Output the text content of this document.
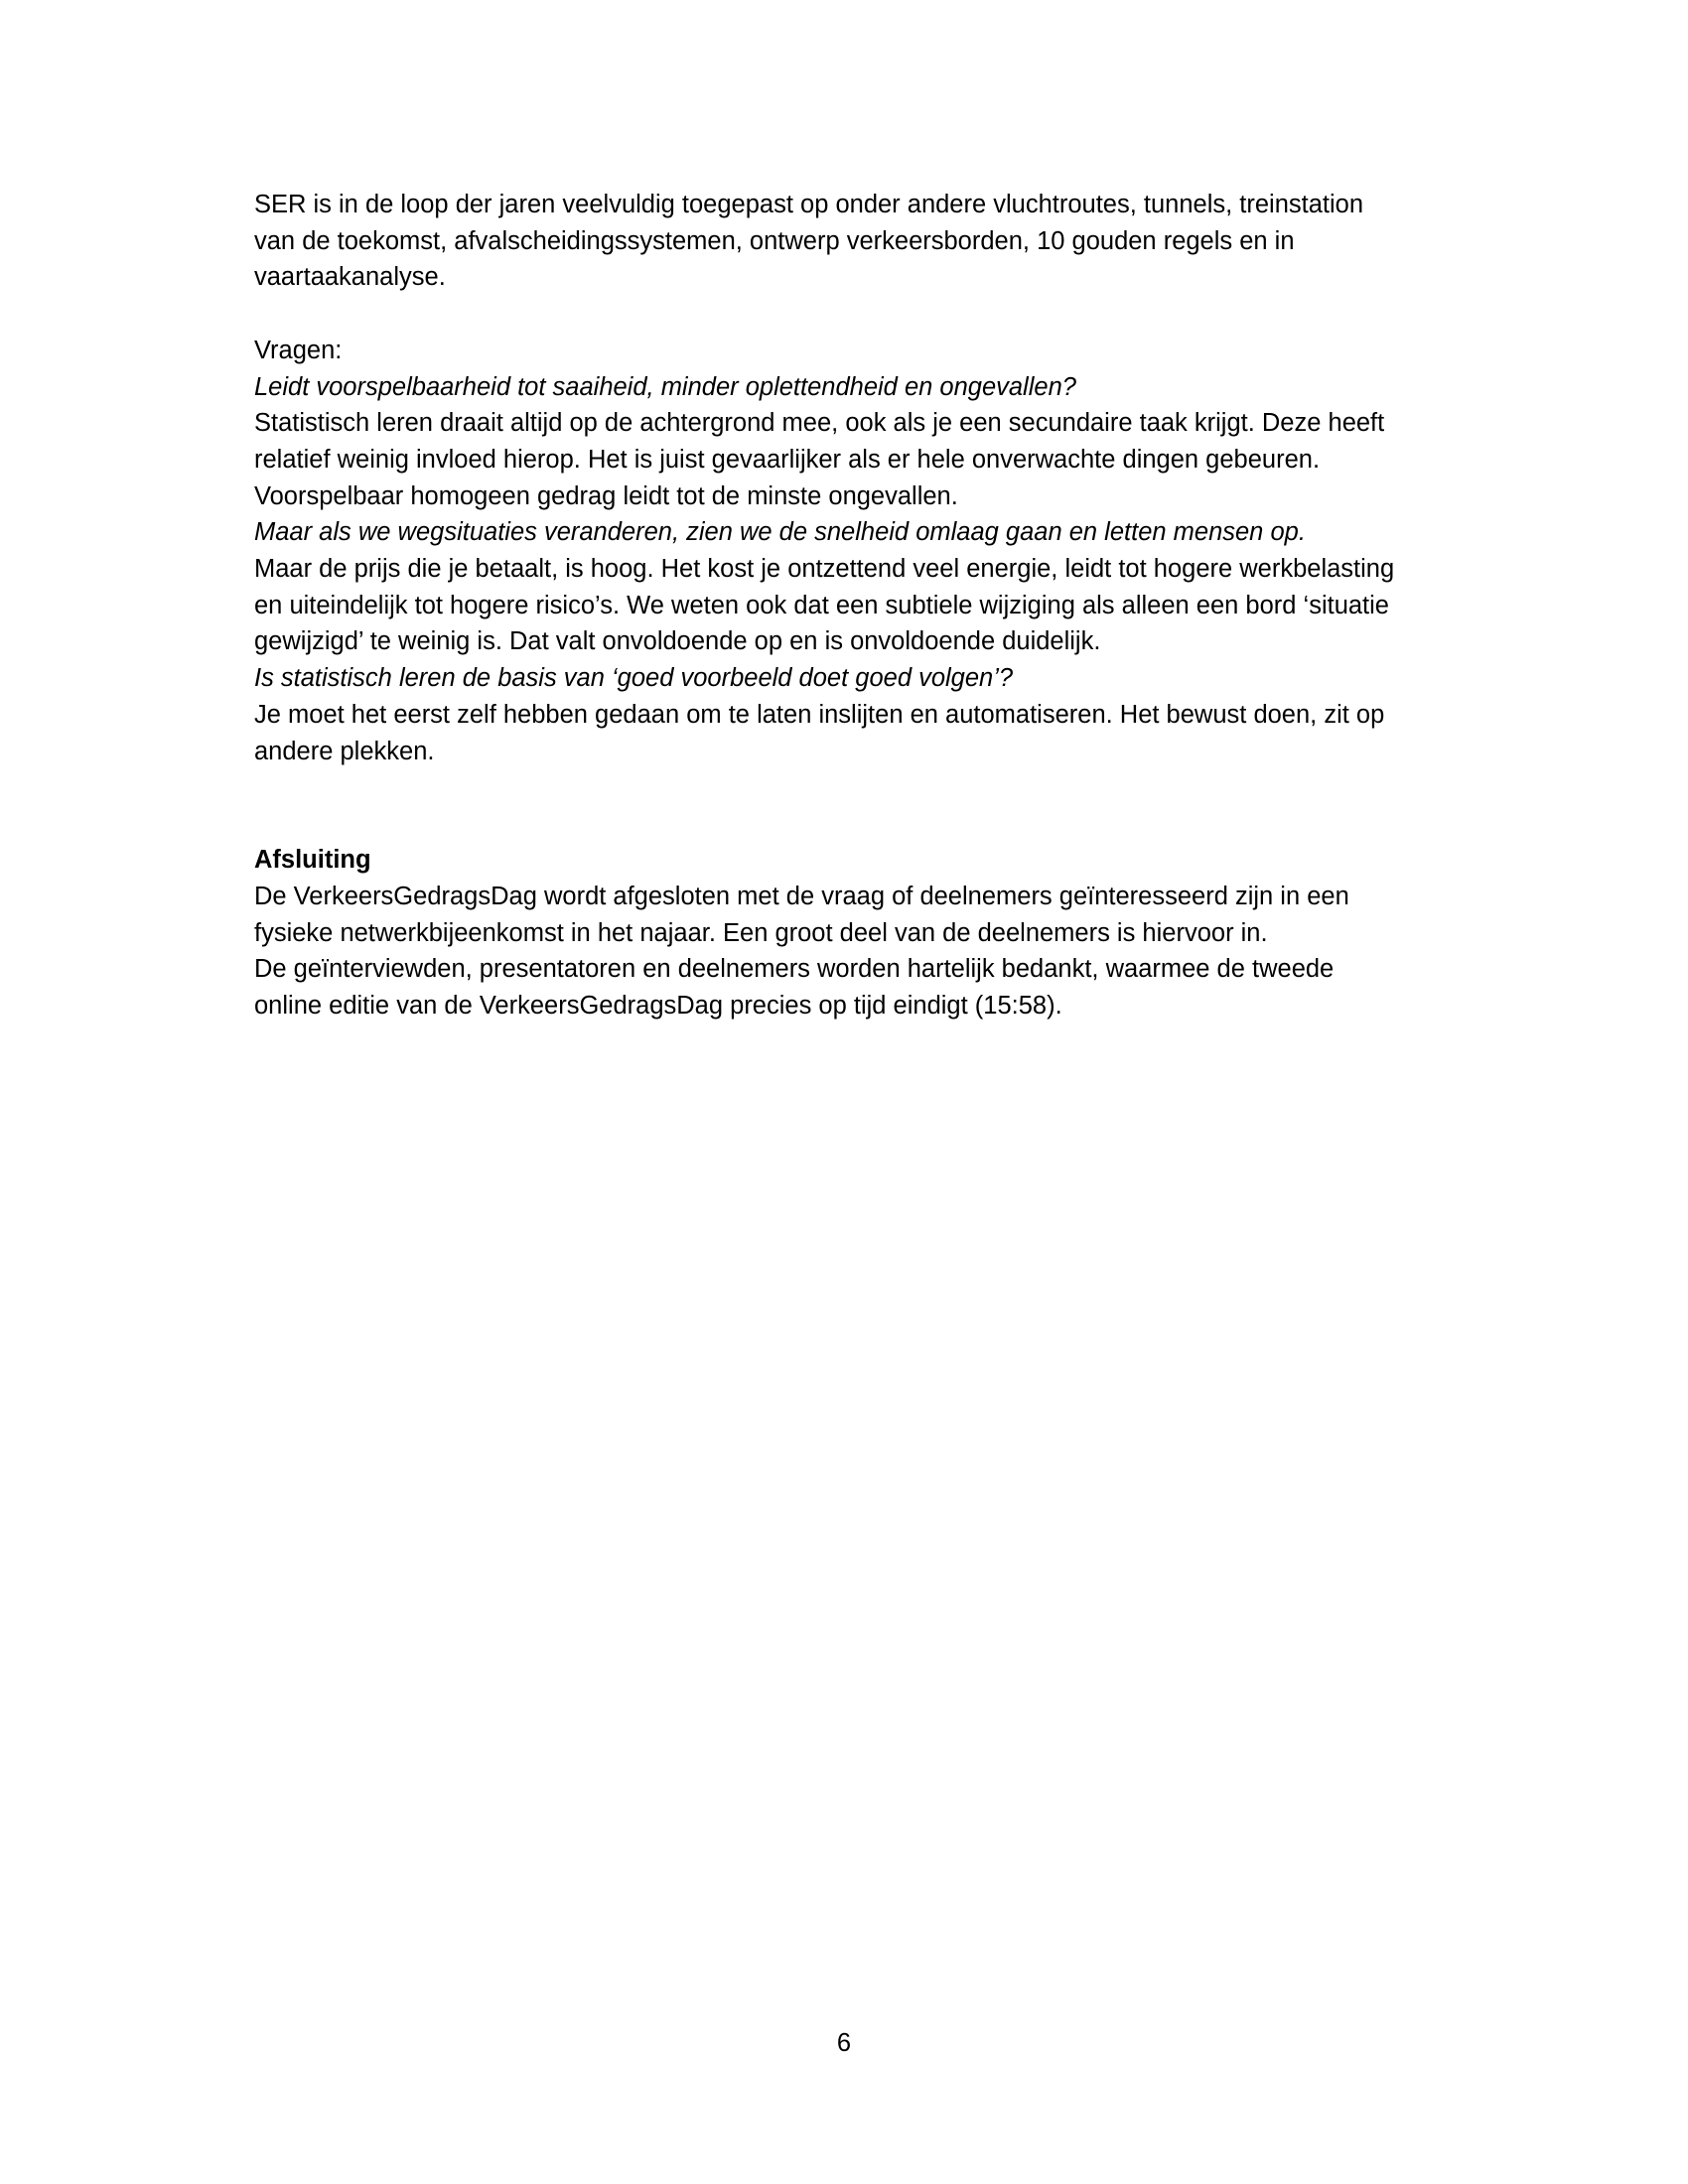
SER is in de loop der jaren veelvuldig toegepast op onder andere vluchtroutes, tunnels, treinstation
van de toekomst, afvalscheidingssystemen, ontwerp verkeersborden, 10 gouden regels en in
vaartaakanalyse.

Vragen:
Leidt voorspelbaarheid tot saaiheid, minder oplettendheid en ongevallen?
Statistisch leren draait altijd op de achtergrond mee, ook als je een secundaire taak krijgt. Deze heeft
relatief weinig invloed hierop. Het is juist gevaarlijker als er hele onverwachte dingen gebeuren.
Voorspelbaar homogeen gedrag leidt tot de minste ongevallen.
Maar als we wegsituaties veranderen, zien we de snelheid omlaag gaan en letten mensen op.
Maar de prijs die je betaalt, is hoog. Het kost je ontzettend veel energie, leidt tot hogere werkbelasting
en uiteindelijk tot hogere risico’s. We weten ook dat een subtiele wijziging als alleen een bord ‘situatie
gewijzigd’ te weinig is. Dat valt onvoldoende op en is onvoldoende duidelijk.
Is statistisch leren de basis van ‘goed voorbeeld doet goed volgen’?
Je moet het eerst zelf hebben gedaan om te laten inslijten en automatiseren. Het bewust doen, zit op
andere plekken.

Afsluiting
De VerkeersGedragsDag wordt afgesloten met de vraag of deelnemers geïnteresseerd zijn in een
fysieke netwerkbijeenkomst in het najaar. Een groot deel van de deelnemers is hiervoor in.
De geïnterviewden, presentatoren en deelnemers worden hartelijk bedankt, waarmee de tweede
online editie van de VerkeersGedragsDag precies op tijd eindigt (15:58).

6
